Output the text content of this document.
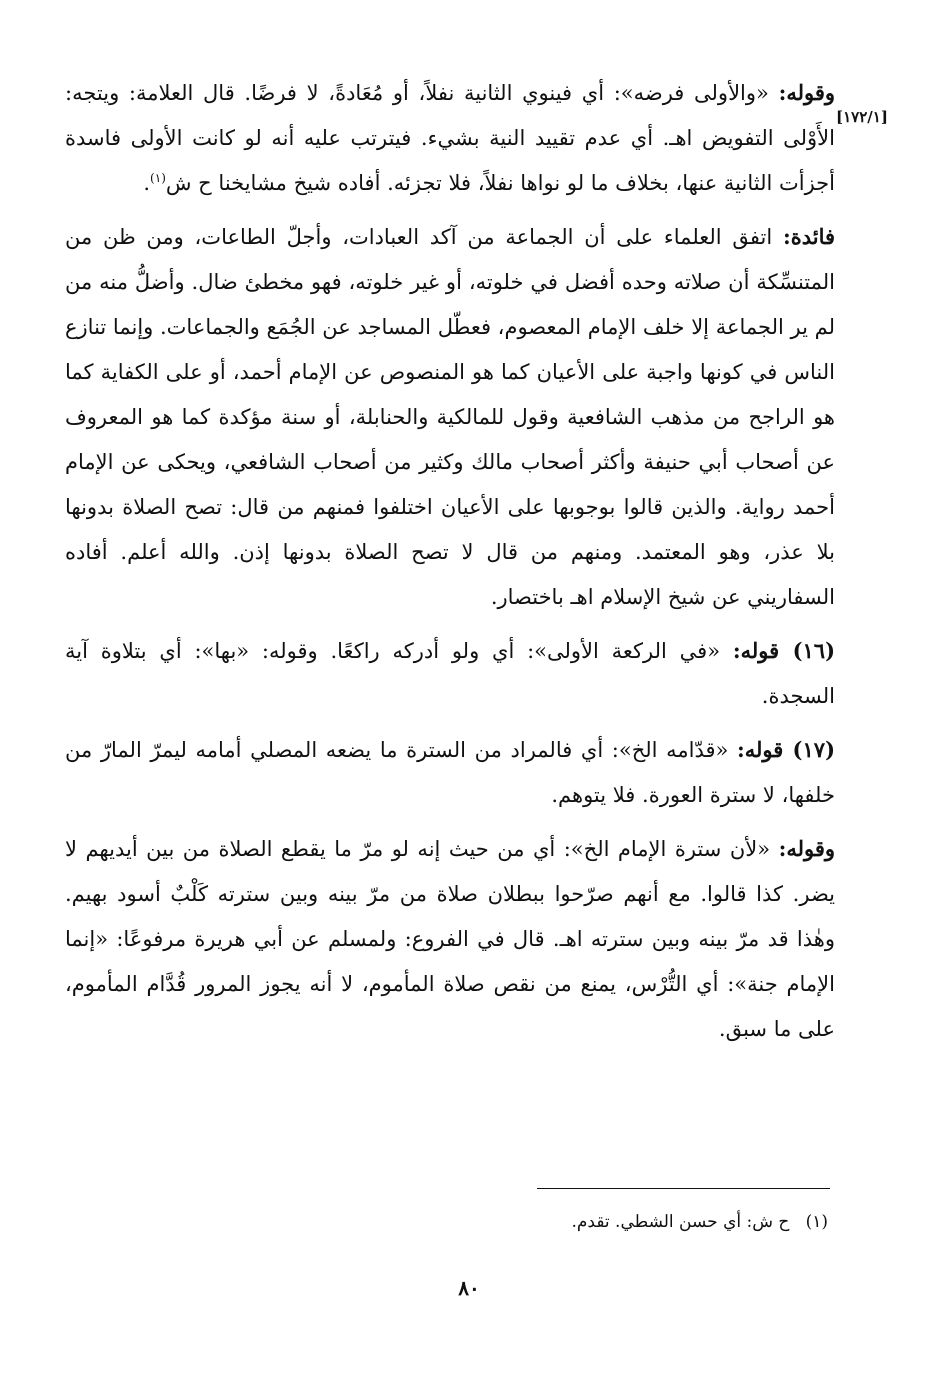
[١٧٢/١]

وقوله: «والأولى فرضه»: أي فينوي الثانية نفلاً، أو مُعَادةً، لا فرضًا. قال العلامة: ويتجه: الأَوْلى التفويض اهـ. أي عدم تقييد النية بشيء. فيترتب عليه أنه لو كانت الأولى فاسدة أجزأت الثانية عنها، بخلاف ما لو نواها نفلاً، فلا تجزئه. أفاده شيخ مشايخنا ح ش$^{(١)}$.

فائدة: اتفق العلماء على أن الجماعة من آكد العبادات، وأجلّ الطاعات، ومن ظن من المتنسِّكة أن صلاته وحده أفضل في خلوته، أو غير خلوته، فهو مخطئ ضال. وأضلُّ منه من لم ير الجماعة إلا خلف الإمام المعصوم، فعطّل المساجد عن الجُمَع والجماعات. وإنما تنازع الناس في كونها واجبة على الأعيان كما هو المنصوص عن الإمام أحمد، أو على الكفاية كما هو الراجح من مذهب الشافعية وقول للمالكية والحنابلة، أو سنة مؤكدة كما هو المعروف عن أصحاب أبي حنيفة وأكثر أصحاب مالك وكثير من أصحاب الشافعي، ويحكى عن الإمام أحمد رواية. والذين قالوا بوجوبها على الأعيان اختلفوا فمنهم من قال: تصح الصلاة بدونها بلا عذر، وهو المعتمد. ومنهم من قال لا تصح الصلاة بدونها إذن. والله أعلم. أفاده السفاريني عن شيخ الإسلام اهـ باختصار.

(١٦) قوله: «في الركعة الأولى»: أي ولو أدركه راكعًا. وقوله: «بها»: أي بتلاوة آية السجدة.

(١٧) قوله: «قدّامه الخ»: أي فالمراد من السترة ما يضعه المصلي أمامه ليمرّ المارّ من خلفها، لا سترة العورة. فلا يتوهم.

وقوله: «لأن سترة الإمام الخ»: أي من حيث إنه لو مرّ ما يقطع الصلاة من بين أيديهم لا يضر. كذا قالوا. مع أنهم صرّحوا ببطلان صلاة من مرّ بينه وبين سترته كَلْبٌ أسود بهيم. وهٰذا قد مرّ بينه وبين سترته اهـ. قال في الفروع: ولمسلم عن أبي هريرة مرفوعًا: «إنما الإمام جنة»: أي التُّرْس، يمنع من نقص صلاة المأموم، لا أنه يجوز المرور قُدَّام المأموم، على ما سبق.

(١)   ح ش: أي حسن الشطي. تقدم.
٨٠
